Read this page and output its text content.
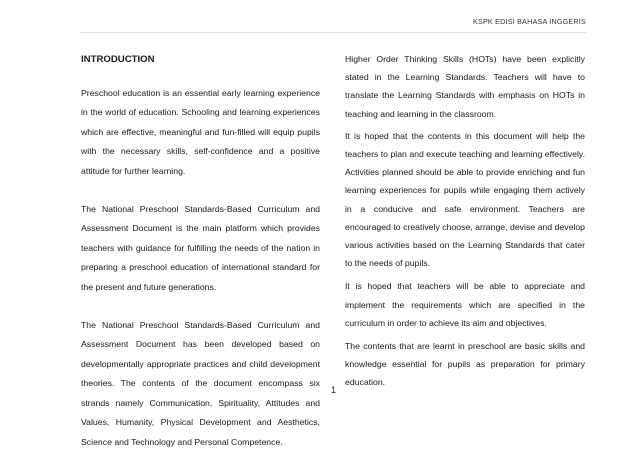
KSPK EDISI BAHASA INGGERIS

INTRODUCTION

Preschool education is an essential early learning experience in the world of education. Schooling and learning experiences which are effective, meaningful and fun-filled will equip pupils with the necessary skills, self-confidence and a positive attitude for further learning.

The National Preschool Standards-Based Curriculum and Assessment Document is the main platform which provides teachers with guidance for fulfilling the needs of the nation in preparing a preschool education of international standard for the present and future generations.

The National Preschool Standards-Based Curriculum and Assessment Document has been developed based on developmentally appropriate practices and child development theories. The contents of the document encompass six strands namely Communication, Spirituality, Attitudes and Values, Humanity, Physical Development and Aesthetics, Science and Technology and Personal Competence.

Higher Order Thinking Skills (HOTs) have been explicitly stated in the Learning Standards. Teachers will have to translate the Learning Standards with emphasis on HOTs in teaching and learning in the classroom.

It is hoped that the contents in this document will help the teachers to plan and execute teaching and learning effectively. Activities planned should be able to provide enriching and fun learning experiences for pupils while engaging them actively in a conducive and safe environment. Teachers are encouraged to creatively choose, arrange, devise and develop various activities based on the Learning Standards that cater to the needs of pupils.

It is hoped that teachers will be able to appreciate and implement the requirements which are specified in the curriculum in order to achieve its aim and objectives.

The contents that are learnt in preschool are basic skills and knowledge essential for pupils as preparation for primary education.

1
